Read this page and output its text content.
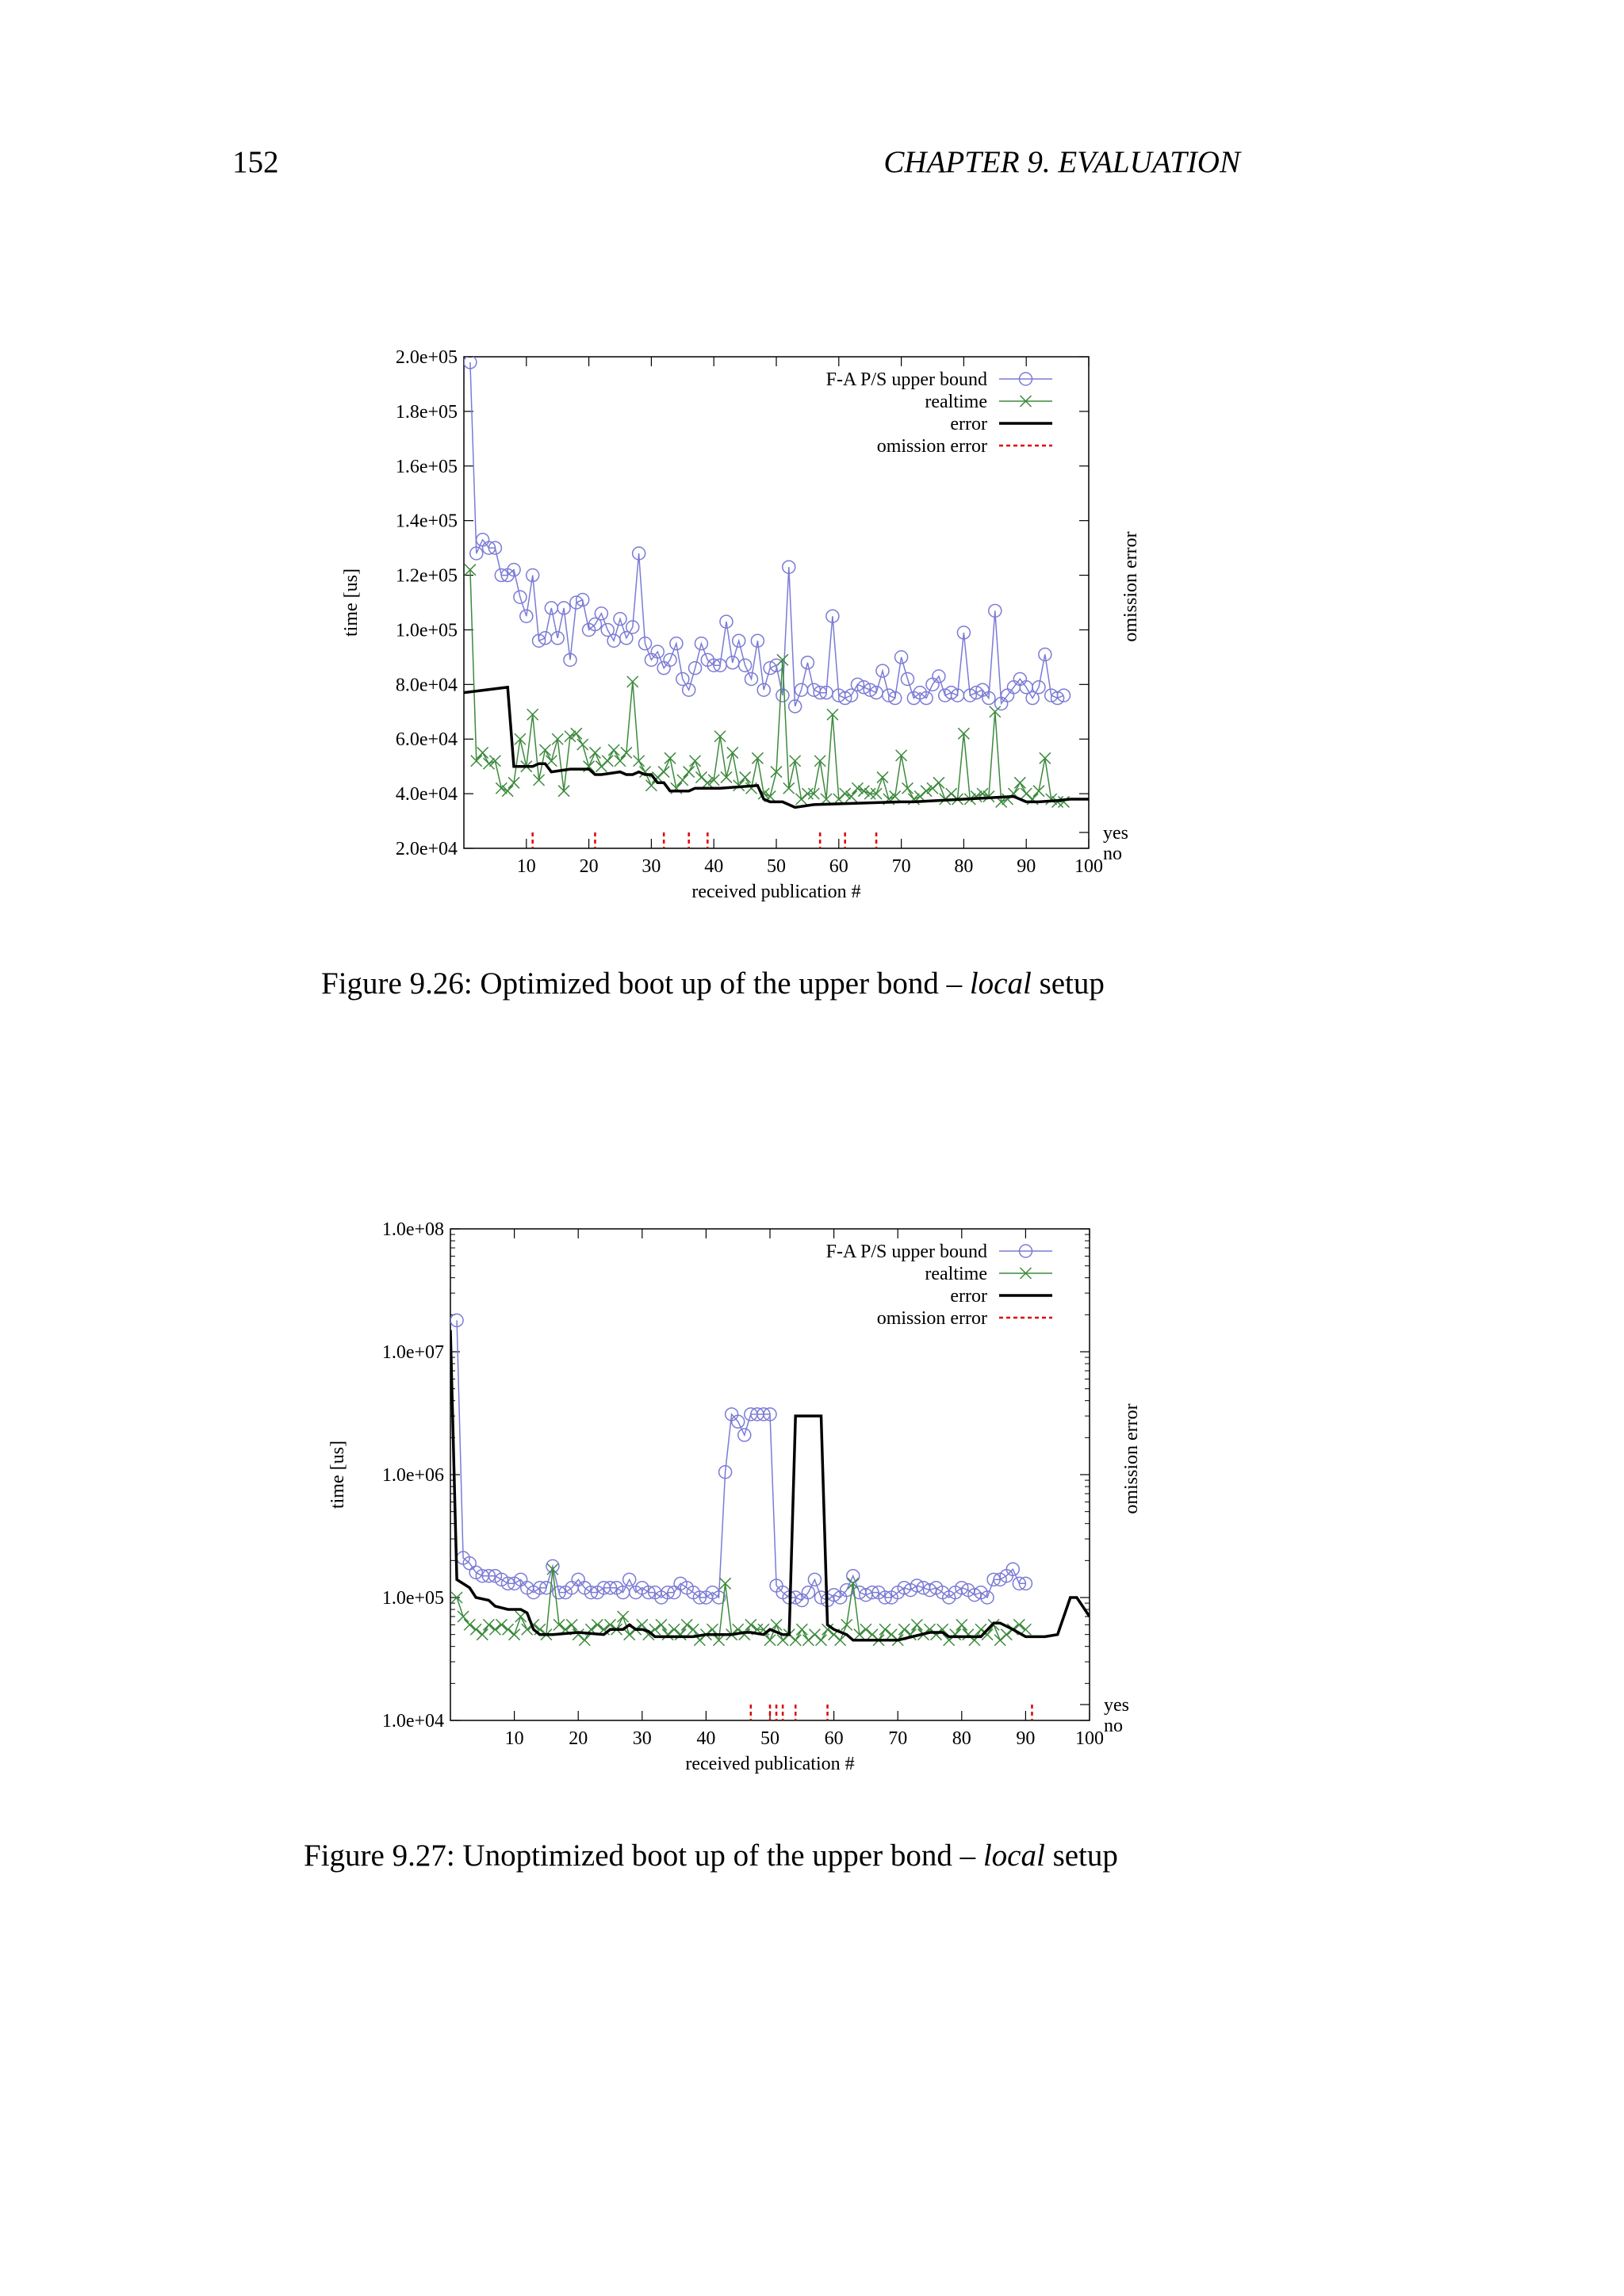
152	CHAPTER 9. EVALUATION
2.0e+04
4.0e+04
6.0e+04
8.0e+04
1.0e+05
1.2e+05
1.4e+05
1.6e+05
1.8e+05
2.0e+05
10 20 30 40 50 60 70 80 90 100
received publication #
time [us]	omission error
yes
no
F-A P/S upper bound
realtime
error
omission error
Figure 9.26: Optimized boot up of the upper bond – local setup
1.0e+04
1.0e+05
1.0e+06
1.0e+07
1.0e+08
10 20 30 40 50 60 70 80 90 100
received publication #
time [us]	omission error
yes
no
F-A P/S upper bound
realtime
error
omission error
Figure 9.27: Unoptimized boot up of the upper bond – local setup
